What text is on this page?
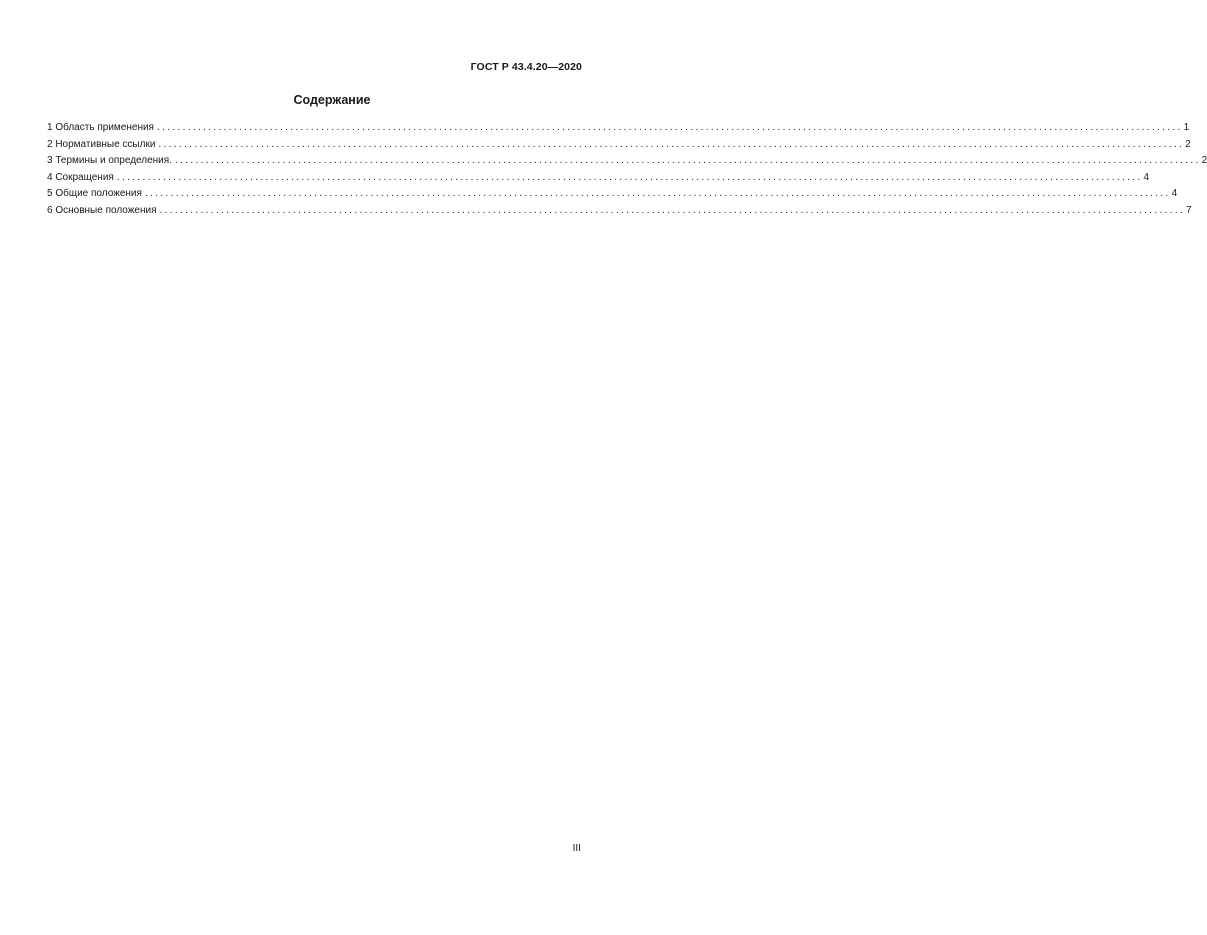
ГОСТ Р 43.4.20—2020
Содержание
1 Область применения ........................................................................................................................................................................................................ 1
2 Нормативные ссылки ........................................................................................................................................................................................................ 2
3 Термины и определения. ........................................................................................................................................................................................................ 2
4 Сокращения ........................................................................................................................................................................................................ 4
5 Общие положения ........................................................................................................................................................................................................ 4
6 Основные положения ........................................................................................................................................................................................................ 7
III
